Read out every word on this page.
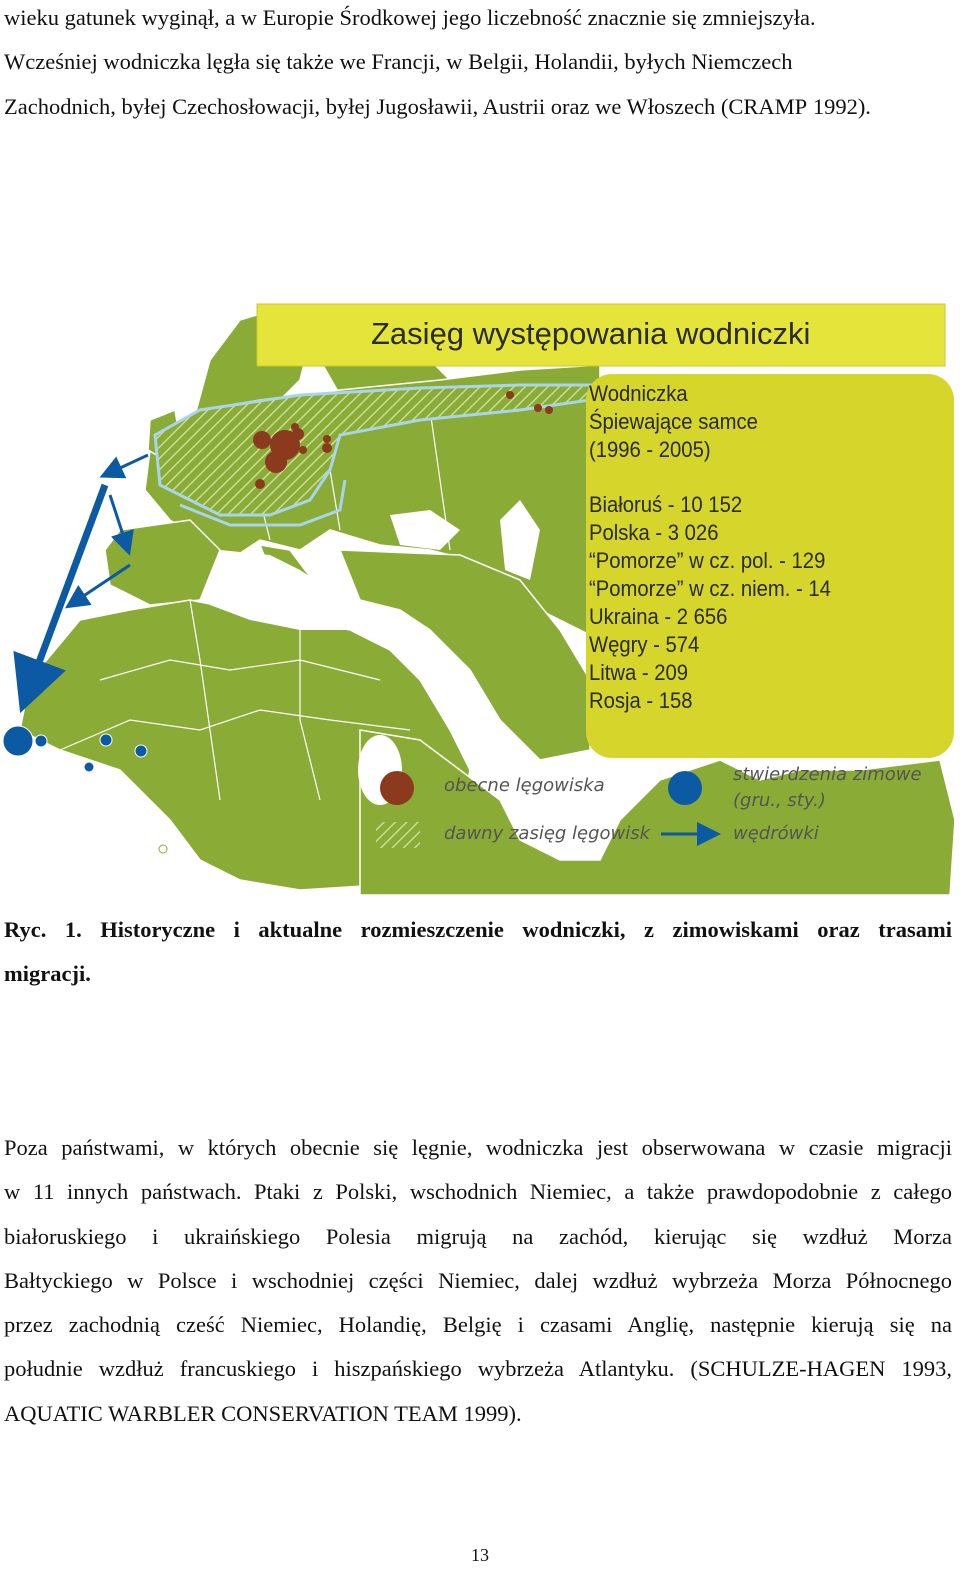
wieku gatunek wyginął, a w Europie Środkowej jego liczebność znacznie się zmniejszyła.
Wcześniej wodniczka lęgła się także we Francji, w Belgii, Holandii, byłych Niemczech
Zachodnich, byłej Czechosłowacji, byłej Jugosławii, Austrii oraz we Włoszech (CRAMP 1992).
Zasięg występowania wodniczki
Wodniczka
Śpiewające samce
(1996 - 2005)
Białoruś - 10 152
Polska - 3 026
“Pomorze” w cz. pol. - 129
“Pomorze” w cz. niem. - 14
Ukraina - 2 656
Węgry - 574
Litwa - 209
Rosja - 158
obecne lęgowiska
stwierdzenia zimowe
(gru., sty.)
dawny zasięg lęgowisk	wędrówki
Ryc. 1. Historyczne i aktualne rozmieszczenie wodniczki, z zimowiskami oraz trasami
migracji.
Poza państwami, w których obecnie się lęgnie, wodniczka jest obserwowana w czasie migracji
w 11 innych państwach. Ptaki z Polski, wschodnich Niemiec, a także prawdopodobnie z całego
białoruskiego i ukraińskiego Polesia migrują na zachód, kierując się wzdłuż Morza
Bałtyckiego w Polsce i wschodniej części Niemiec, dalej wzdłuż wybrzeża Morza Północnego
przez zachodnią cześć Niemiec, Holandię, Belgię i czasami Anglię, następnie kierują się na
południe wzdłuż francuskiego i hiszpańskiego wybrzeża Atlantyku. (SCHULZE-HAGEN 1993,
AQUATIC WARBLER CONSERVATION TEAM 1999).
13
